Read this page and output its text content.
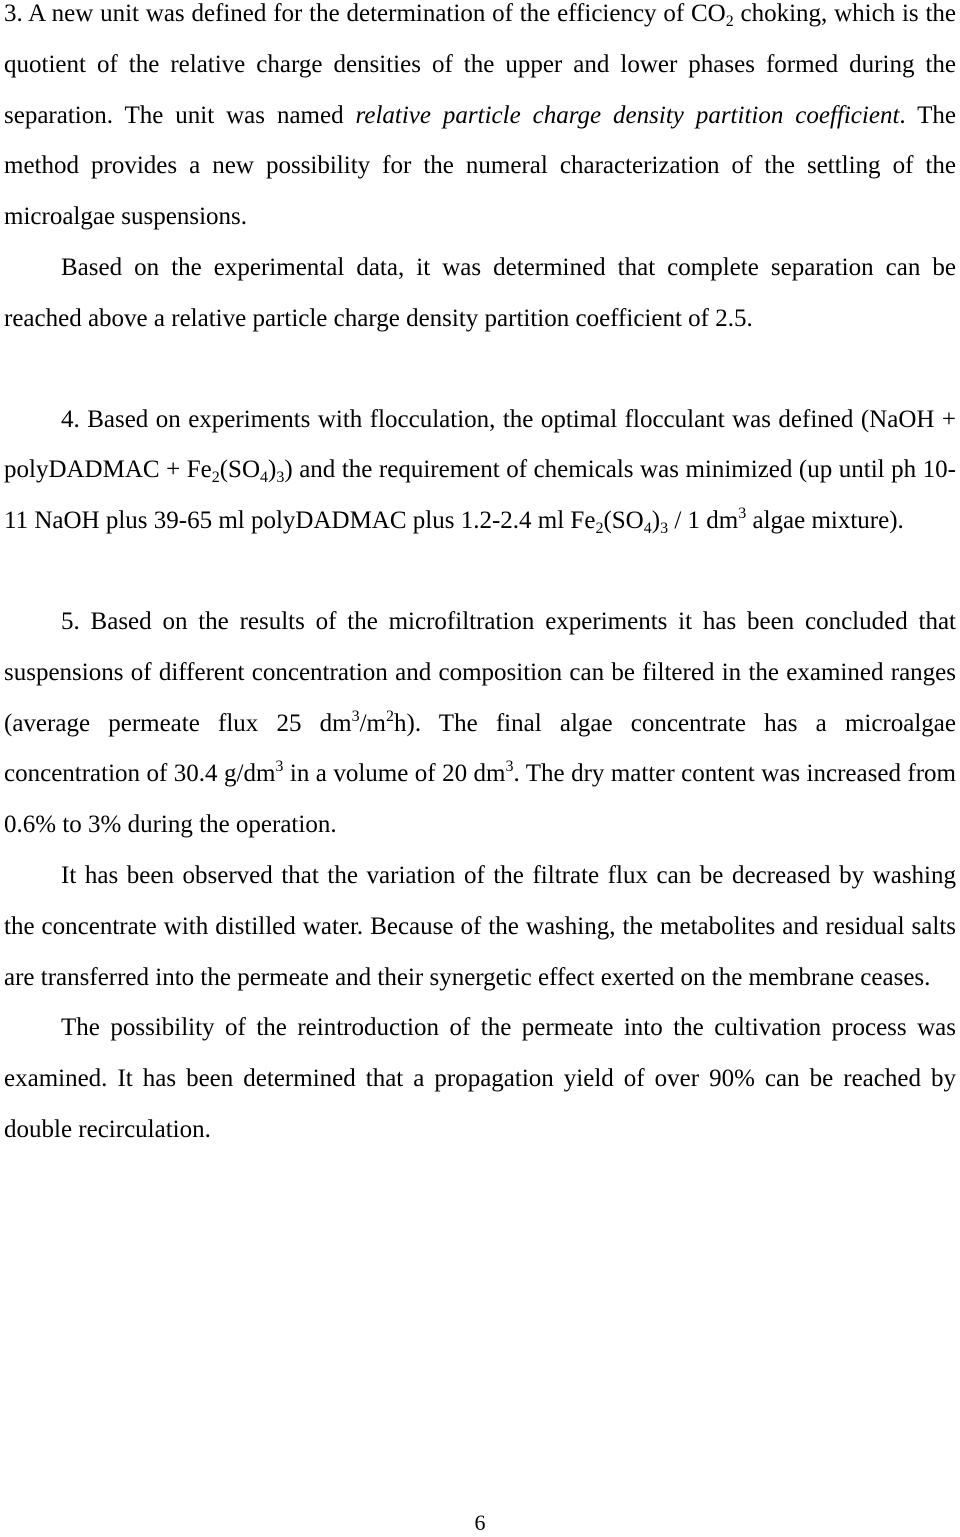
3. A new unit was defined for the determination of the efficiency of $CO_2$ choking, which is the quotient of the relative charge densities of the upper and lower phases formed during the separation. The unit was named relative particle charge density partition coefficient. The method provides a new possibility for the numeral characterization of the settling of the microalgae suspensions.

Based on the experimental data, it was determined that complete separation can be reached above a relative particle charge density partition coefficient of 2.5.

4. Based on experiments with flocculation, the optimal flocculant was defined (NaOH + polyDADMAC + $Fe_2(SO_4)_3$) and the requirement of chemicals was minimized (up until ph 10-11 NaOH plus 39-65 ml polyDADMAC plus 1.2-2.4 ml $Fe_2(SO_4)_3 / 1$ $dm^3$ algae mixture).

5. Based on the results of the microfiltration experiments it has been concluded that suspensions of different concentration and composition can be filtered in the examined ranges (average permeate flux 25 $dm^3/m^2h$). The final algae concentrate has a microalgae concentration of 30.4 $g/dm^3$ in a volume of 20 $dm^3$. The dry matter content was increased from 0.6% to 3% during the operation.

It has been observed that the variation of the filtrate flux can be decreased by washing the concentrate with distilled water. Because of the washing, the metabolites and residual salts are transferred into the permeate and their synergetic effect exerted on the membrane ceases.

The possibility of the reintroduction of the permeate into the cultivation process was examined. It has been determined that a propagation yield of over 90% can be reached by double recirculation.

6
